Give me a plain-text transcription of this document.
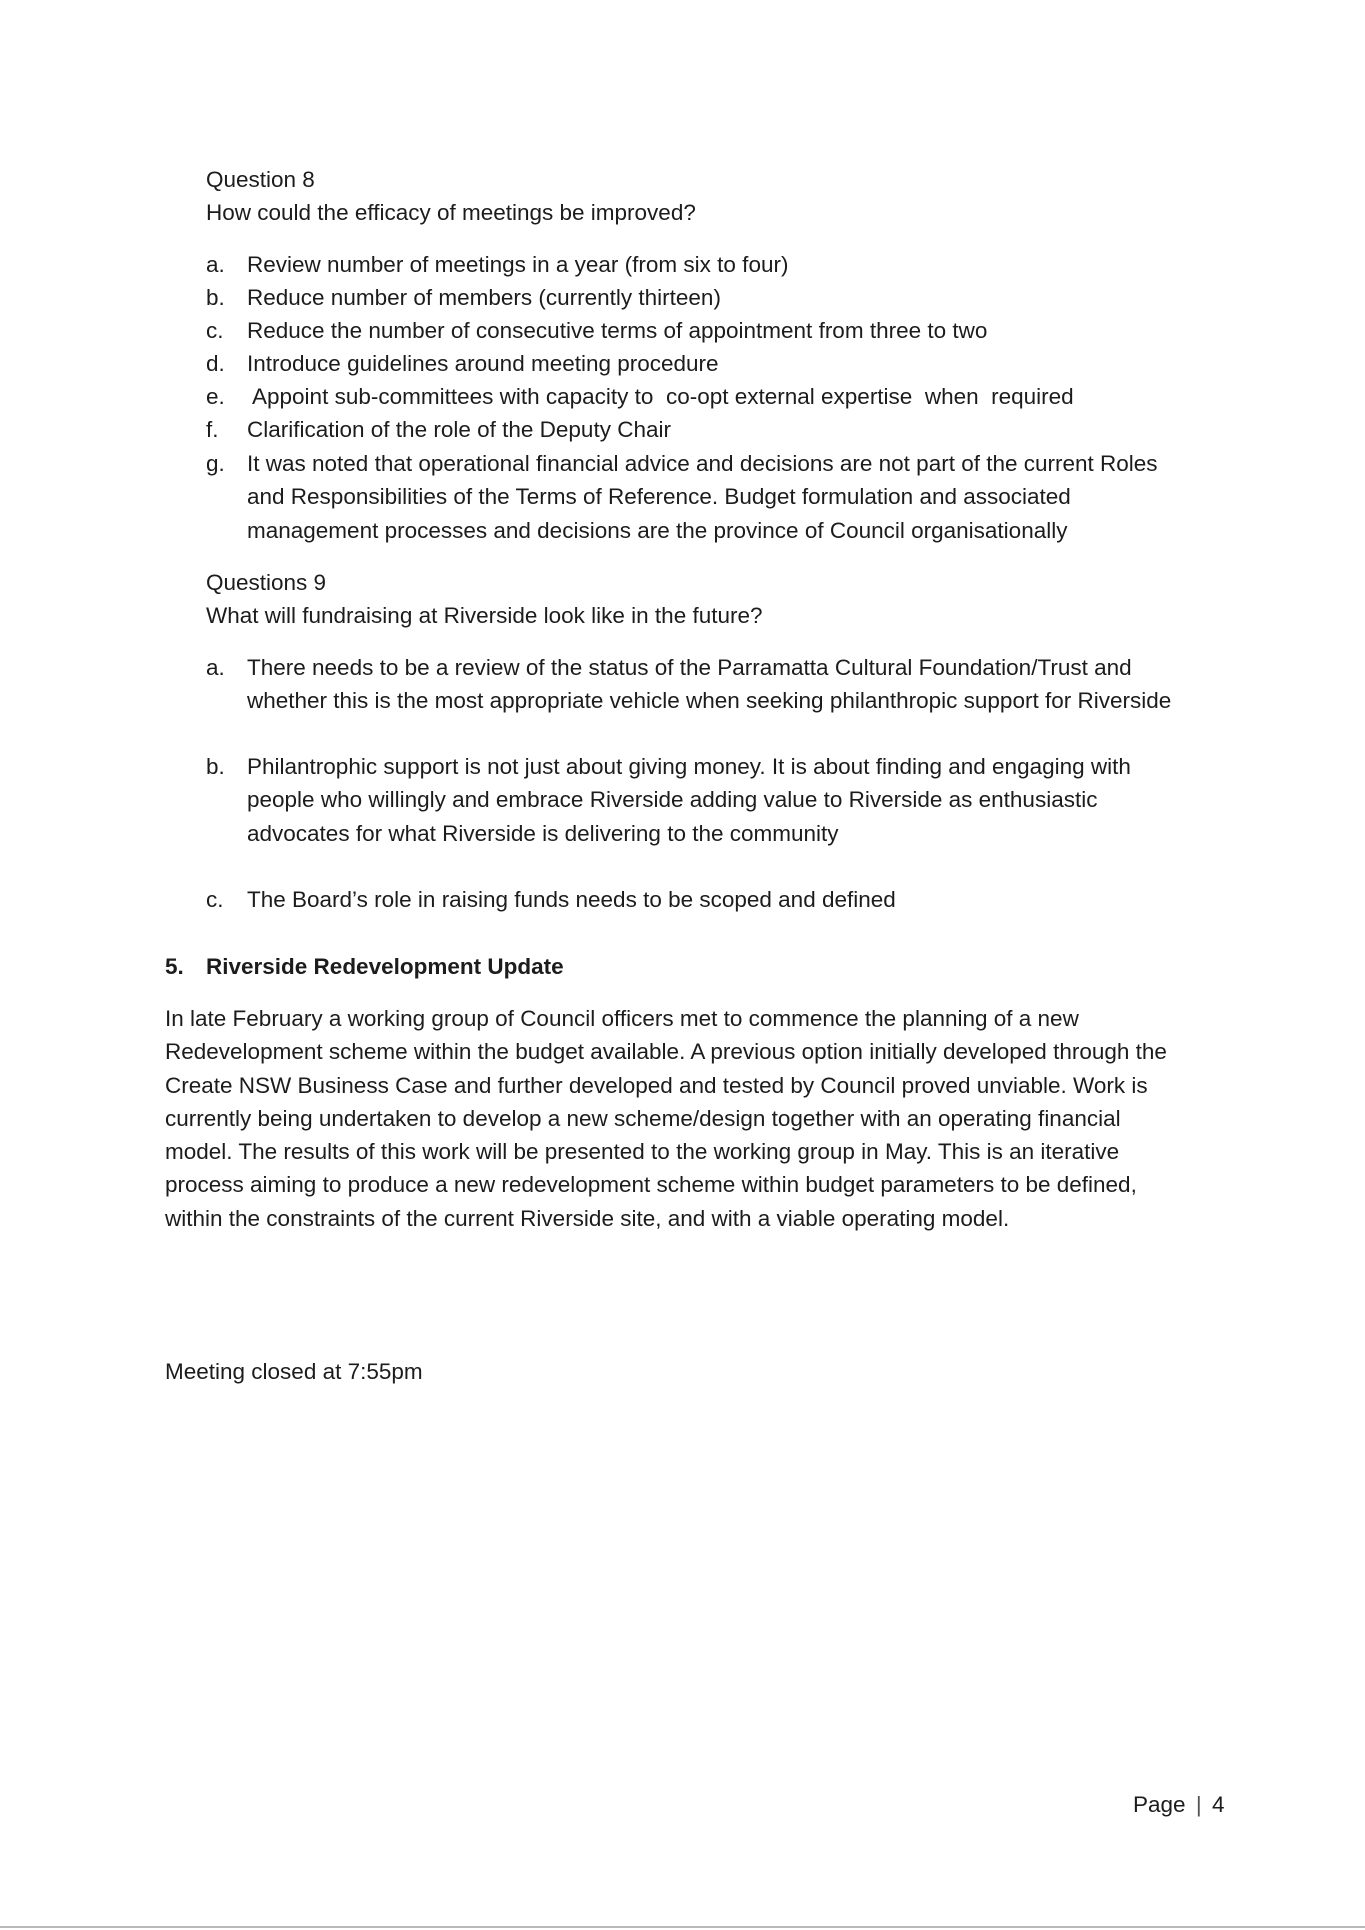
Question 8
How could the efficacy of meetings be improved?
a. Review number of meetings in a year (from six to four)
b. Reduce number of members (currently thirteen)
c. Reduce the number of consecutive terms of appointment from three to two
d. Introduce guidelines around meeting procedure
e. Appoint sub-committees with capacity to  co-opt external expertise  when  required
f. Clarification of the role of the Deputy Chair
g. It was noted that operational financial advice and decisions are not part of the current Roles
and Responsibilities of the Terms of Reference. Budget formulation and associated
management processes and decisions are the province of Council organisationally
Questions 9
What will fundraising at Riverside look like in the future?
a. There needs to be a review of the status of the Parramatta Cultural Foundation/Trust and
whether this is the most appropriate vehicle when seeking philanthropic support for Riverside
b. Philantrophic support is not just about giving money. It is about finding and engaging with
people who willingly and embrace Riverside adding value to Riverside as enthusiastic
advocates for what Riverside is delivering to the community
c. The Board’s role in raising funds needs to be scoped and defined
5. Riverside Redevelopment Update
In late February a working group of Council officers met to commence the planning of a new
Redevelopment scheme within the budget available. A previous option initially developed through the
Create NSW Business Case and further developed and tested by Council proved unviable. Work is
currently being undertaken to develop a new scheme/design together with an operating financial
model. The results of this work will be presented to the working group in May. This is an iterative
process aiming to produce a new redevelopment scheme within budget parameters to be defined,
within the constraints of the current Riverside site, and with a viable operating model.
Meeting closed at 7:55pm
Page | 4
